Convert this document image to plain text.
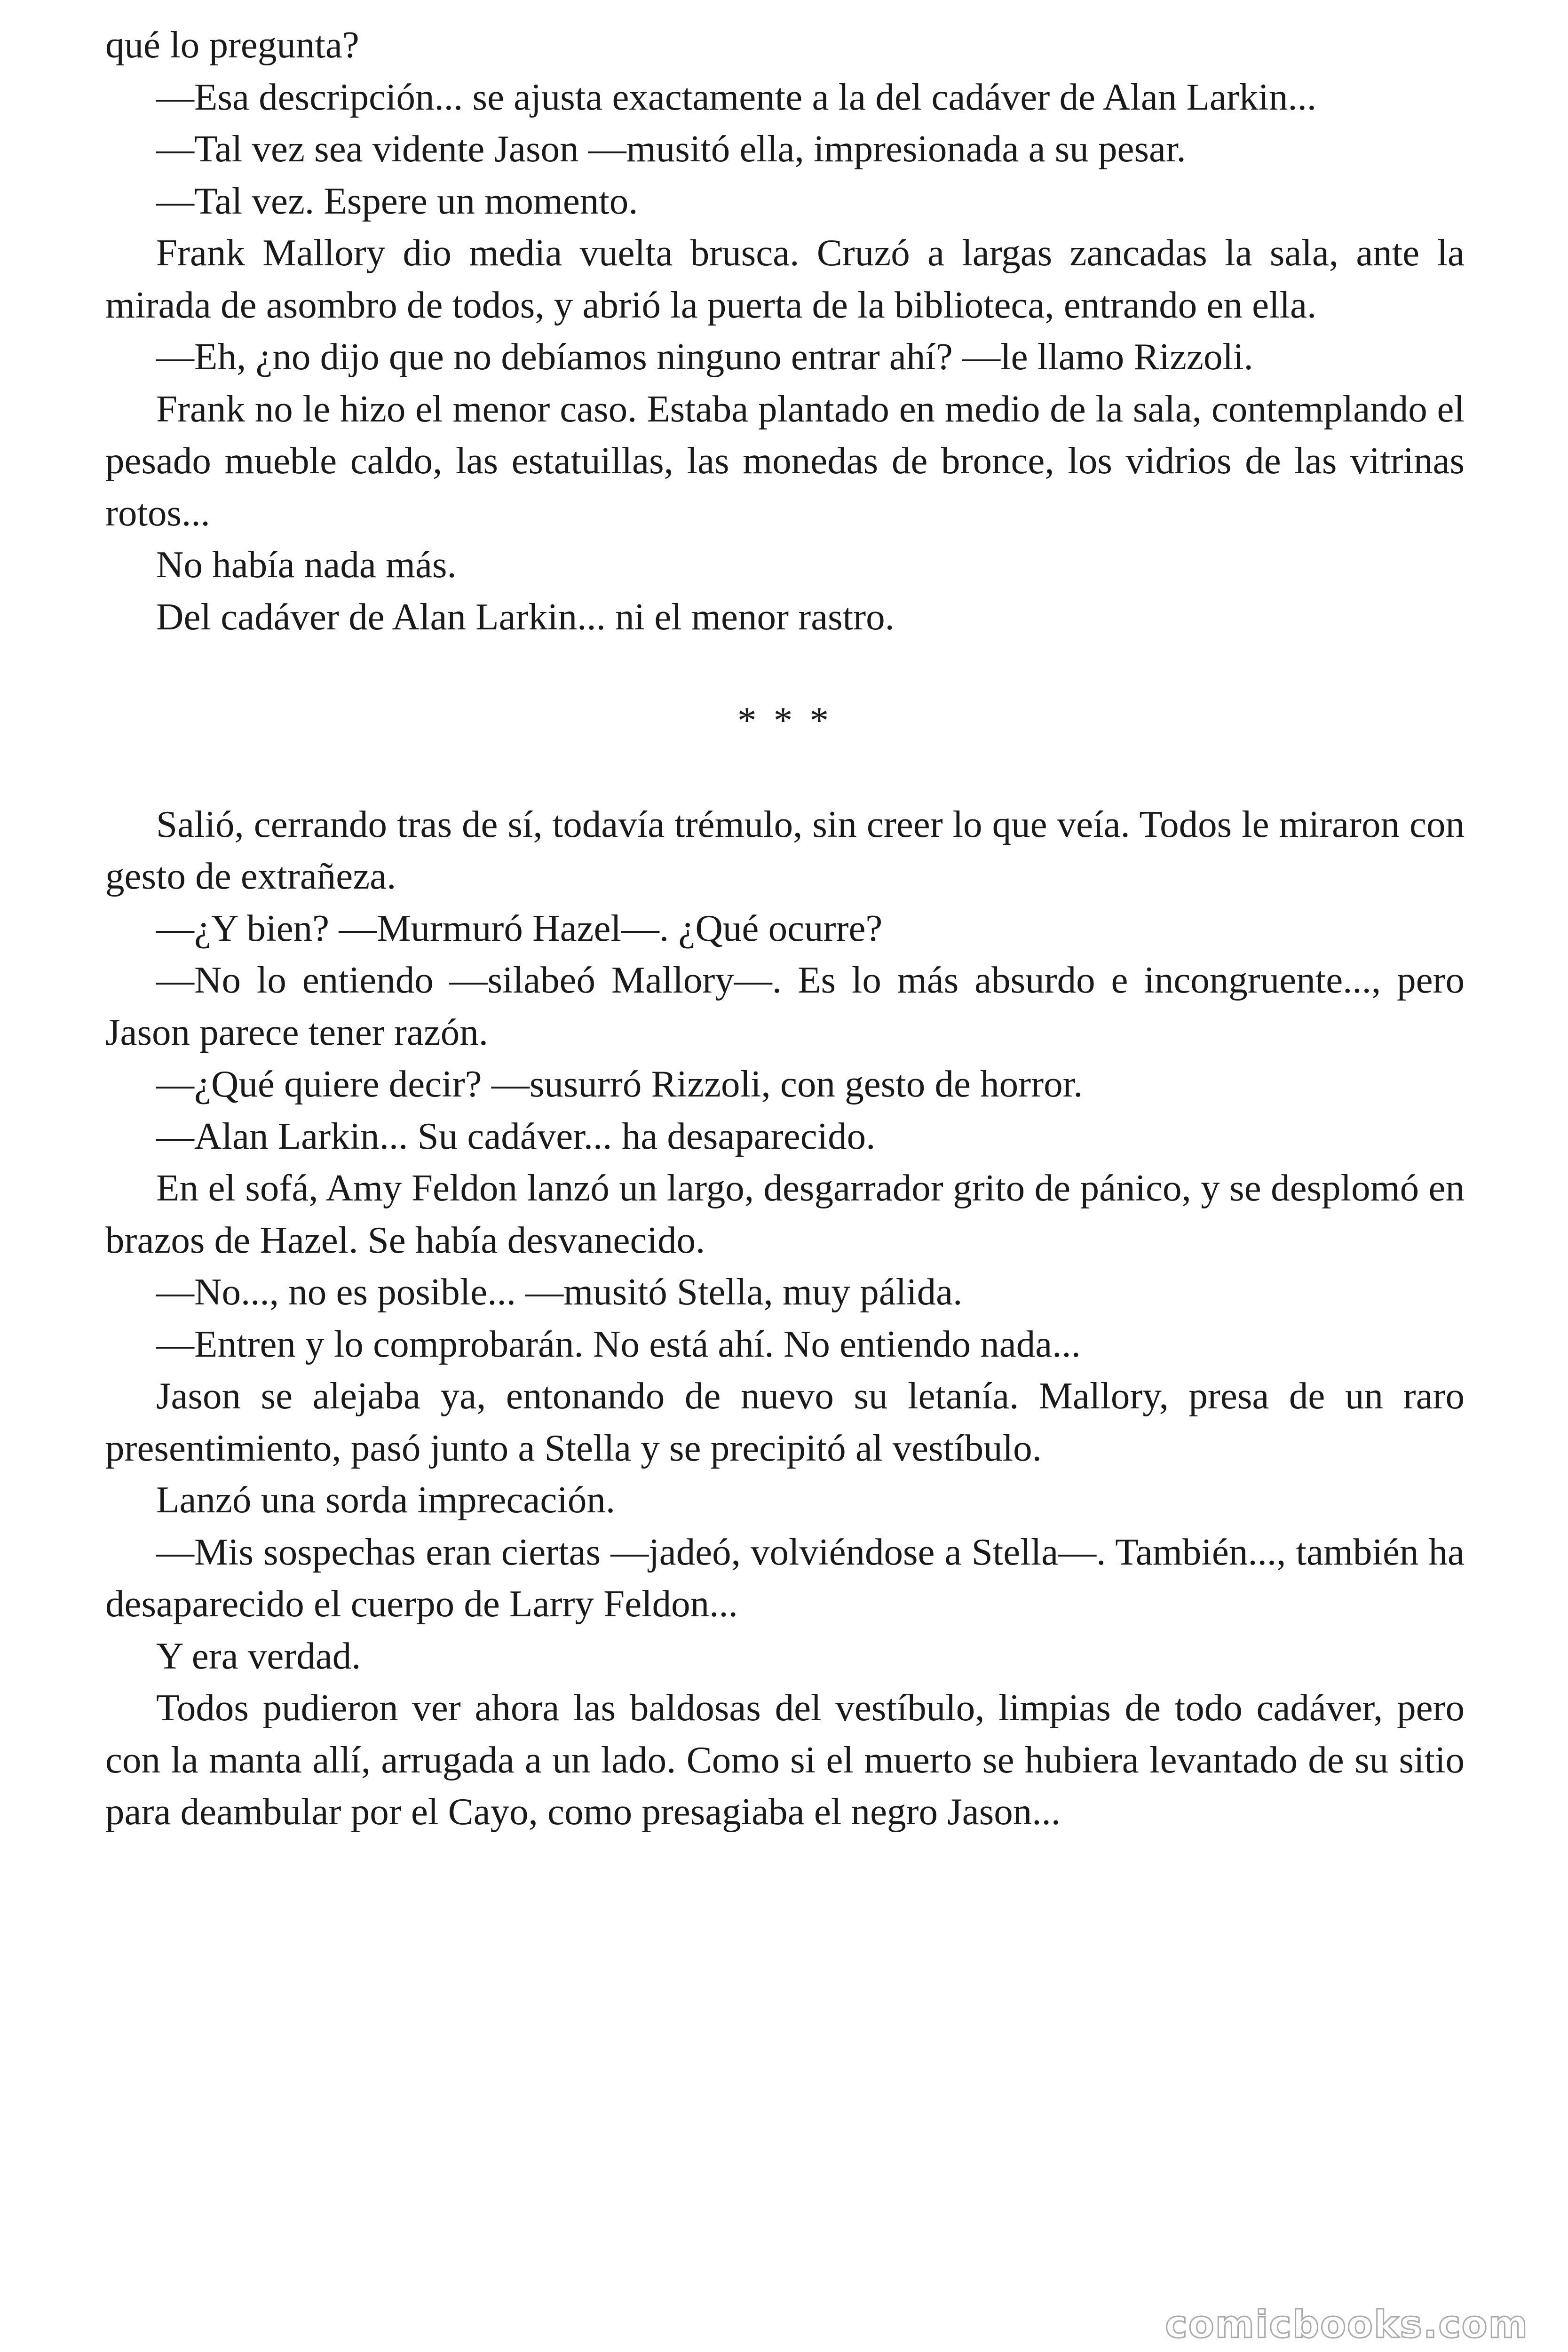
qué lo pregunta?

—Esa descripción... se ajusta exactamente a la del cadáver de Alan Larkin...

—Tal vez sea vidente Jason —musitó ella, impresionada a su pesar.

—Tal vez. Espere un momento.

Frank Mallory dio media vuelta brusca. Cruzó a largas zancadas la sala, ante la mirada de asombro de todos, y abrió la puerta de la biblioteca, entrando en ella.

—Eh, ¿no dijo que no debíamos ninguno entrar ahí? —le llamo Rizzoli.

Frank no le hizo el menor caso. Estaba plantado en medio de la sala, contemplando el pesado mueble caldo, las estatuillas, las monedas de bronce, los vidrios de las vitrinas rotos...

No había nada más.

Del cadáver de Alan Larkin... ni el menor rastro.

* * *

Salió, cerrando tras de sí, todavía trémulo, sin creer lo que veía. Todos le miraron con gesto de extrañeza.

—¿Y bien? —Murmuró Hazel—. ¿Qué ocurre?

—No lo entiendo —silabeó Mallory—. Es lo más absurdo e incongruente..., pero Jason parece tener razón.

—¿Qué quiere decir? —susurró Rizzoli, con gesto de horror.

—Alan Larkin... Su cadáver... ha desaparecido.

En el sofá, Amy Feldon lanzó un largo, desgarrador grito de pánico, y se desplomó en brazos de Hazel. Se había desvanecido.

—No..., no es posible... —musitó Stella, muy pálida.

—Entren y lo comprobarán. No está ahí. No entiendo nada...

Jason se alejaba ya, entonando de nuevo su letanía. Mallory, presa de un raro presentimiento, pasó junto a Stella y se precipitó al vestíbulo.

Lanzó una sorda imprecación.

—Mis sospechas eran ciertas —jadeó, volviéndose a Stella—. También..., también ha desaparecido el cuerpo de Larry Feldon...

Y era verdad.

Todos pudieron ver ahora las baldosas del vestíbulo, limpias de todo cadáver, pero con la manta allí, arrugada a un lado. Como si el muerto se hubiera levantado de su sitio para deambular por el Cayo, como presagiaba el negro Jason...

comicbooks.com
